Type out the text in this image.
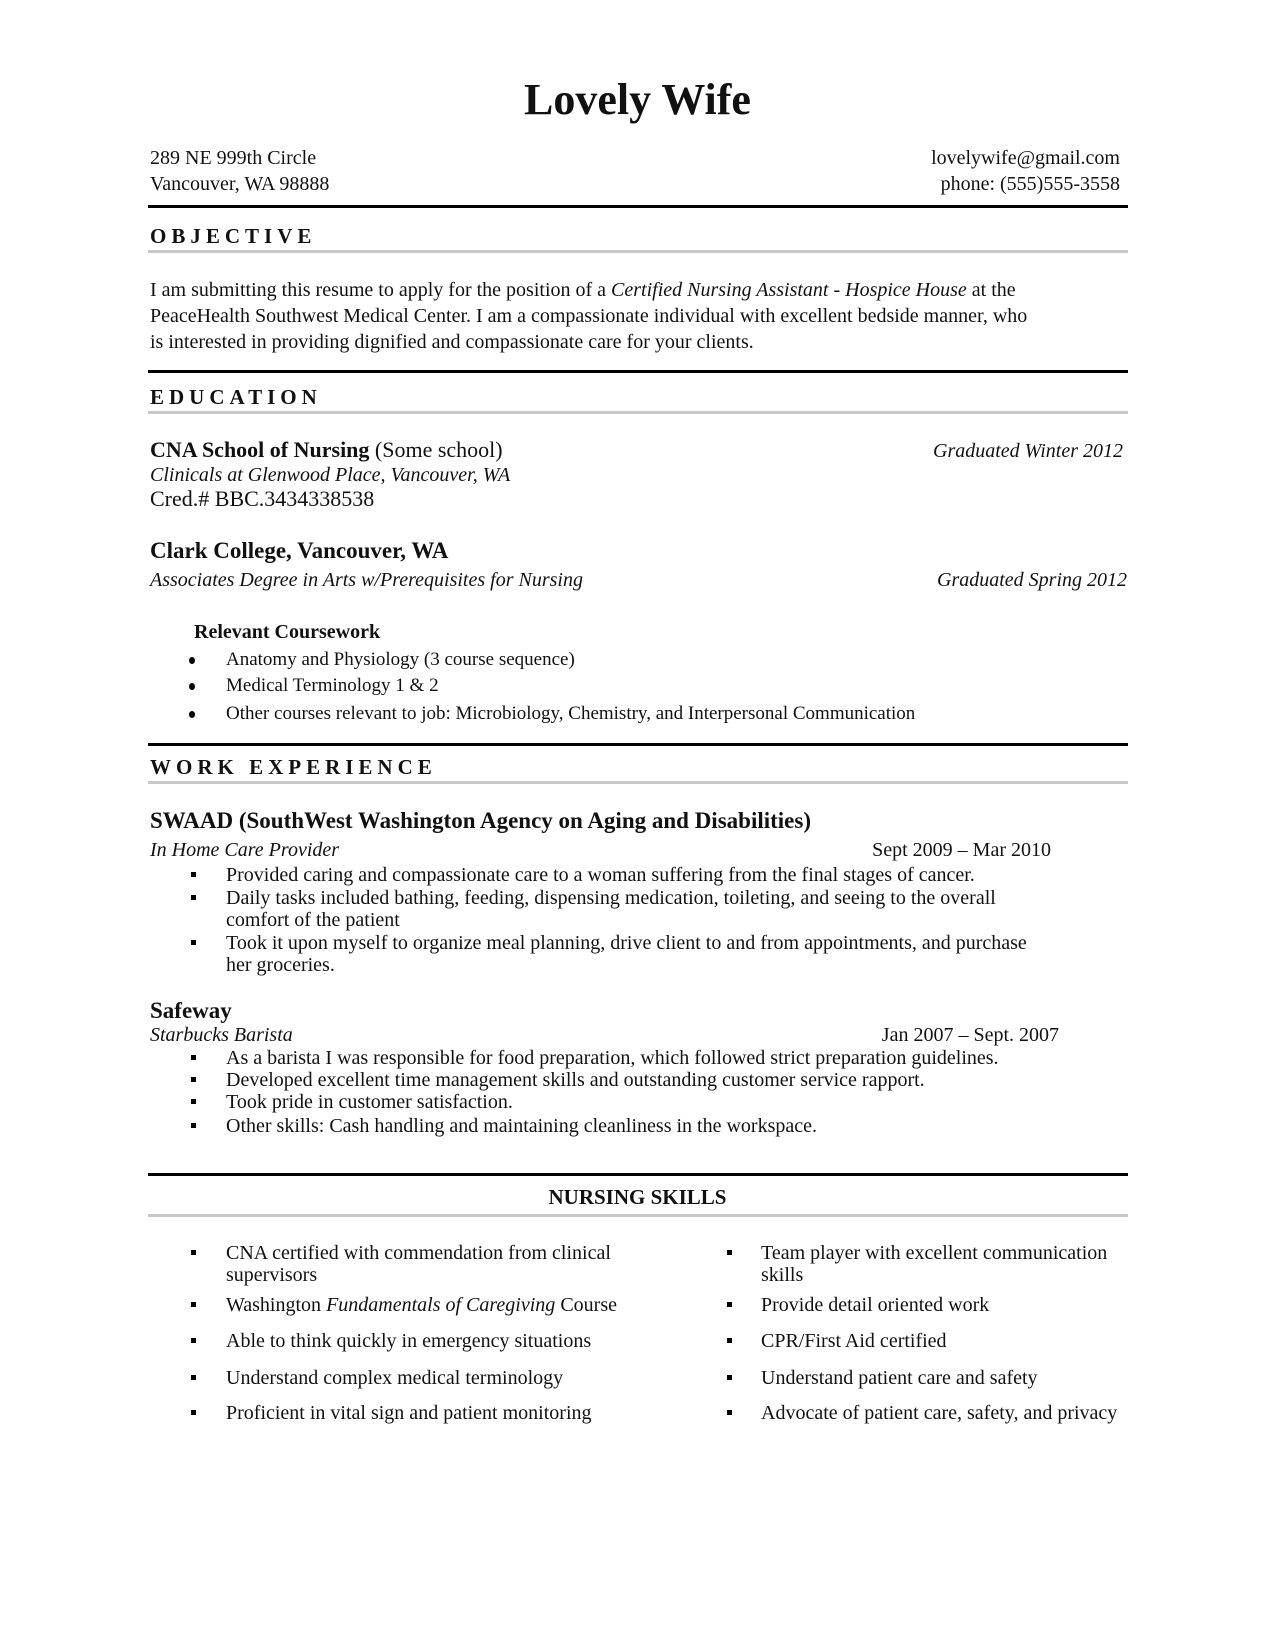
Lovely Wife
289 NE 999th Circle
Vancouver, WA 98888
lovelywife@gmail.com
phone: (555)555-3558
OBJECTIVE
I am submitting this resume to apply for the position of a Certified Nursing Assistant - Hospice House at the
PeaceHealth Southwest Medical Center. I am a compassionate individual with excellent bedside manner, who
is interested in providing dignified and compassionate care for your clients.
EDUCATION
CNA School of Nursing (Some school)	Graduated Winter 2012
Clinicals at Glenwood Place, Vancouver, WA
Cred.# BBC.3434338538
Clark College, Vancouver, WA
Associates Degree in Arts w/Prerequisites for Nursing	Graduated Spring 2012
Relevant Coursework
Anatomy and Physiology (3 course sequence)
Medical Terminology 1 & 2
Other courses relevant to job: Microbiology, Chemistry, and Interpersonal Communication
WORK EXPERIENCE
SWAAD (SouthWest Washington Agency on Aging and Disabilities)
In Home Care Provider	Sept 2009 – Mar 2010
Provided caring and compassionate care to a woman suffering from the final stages of cancer.
Daily tasks included bathing, feeding, dispensing medication, toileting, and seeing to the overall
comfort of the patient
Took it upon myself to organize meal planning, drive client to and from appointments, and purchase
her groceries.
Safeway
Starbucks Barista	Jan 2007 – Sept. 2007
As a barista I was responsible for food preparation, which followed strict preparation guidelines.
Developed excellent time management skills and outstanding customer service rapport.
Took pride in customer satisfaction.
Other skills: Cash handling and maintaining cleanliness in the workspace.
NURSING SKILLS
CNA certified with commendation from clinical
supervisors
Washington Fundamentals of Caregiving Course
Able to think quickly in emergency situations
Understand complex medical terminology
Proficient in vital sign and patient monitoring
Team player with excellent communication
skills
Provide detail oriented work
CPR/First Aid certified
Understand patient care and safety
Advocate of patient care, safety, and privacy
